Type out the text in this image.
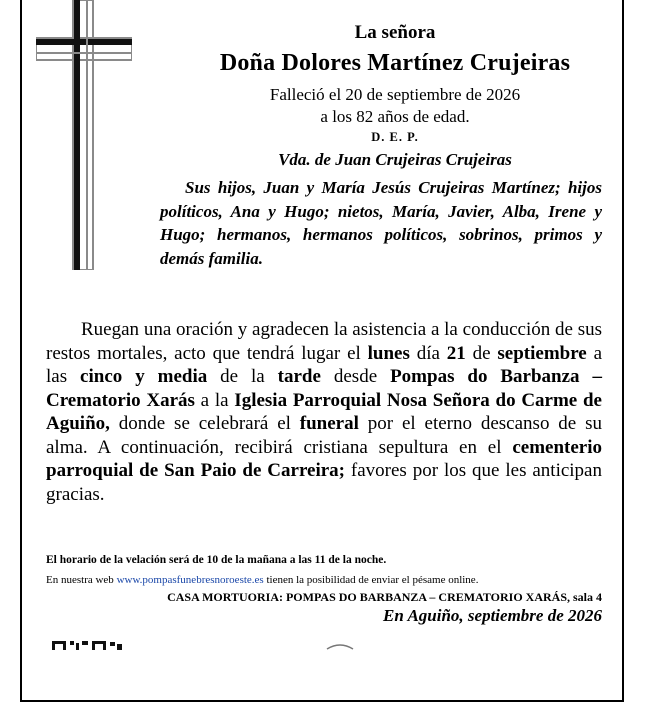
La señora
Doña Dolores Martínez Crujeiras
Falleció el 20 de septiembre de 2026
a los 82 años de edad.
D. E. P.
Vda. de Juan Crujeiras Crujeiras
Sus hijos, Juan y María Jesús Crujeiras Martínez; hijos políticos, Ana y Hugo; nietos, María, Javier, Alba, Irene y Hugo; hermanos, hermanos políticos, sobrinos, primos y demás familia.
Ruegan una oración y agradecen la asistencia a la conducción de sus restos mortales, acto que tendrá lugar el lunes día 21 de septiembre a las cinco y media de la tarde desde Pompas do Barbanza – Crematorio Xarás a la Iglesia Parroquial Nosa Señora do Carme de Aguiño, donde se celebrará el funeral por el eterno descanso de su alma. A continuación, recibirá cristiana sepultura en el cementerio parroquial de San Paio de Carreira; favores por los que les anticipan gracias.
El horario de la velación será de 10 de la mañana a las 11 de la noche.
En nuestra web www.pompasfunebresnoroeste.es tienen la posibilidad de enviar el pésame online.
CASA MORTUORIA: POMPAS DO BARBANZA – CREMATORIO XARÁS, sala 4
En Aguiño, septiembre de 2026
